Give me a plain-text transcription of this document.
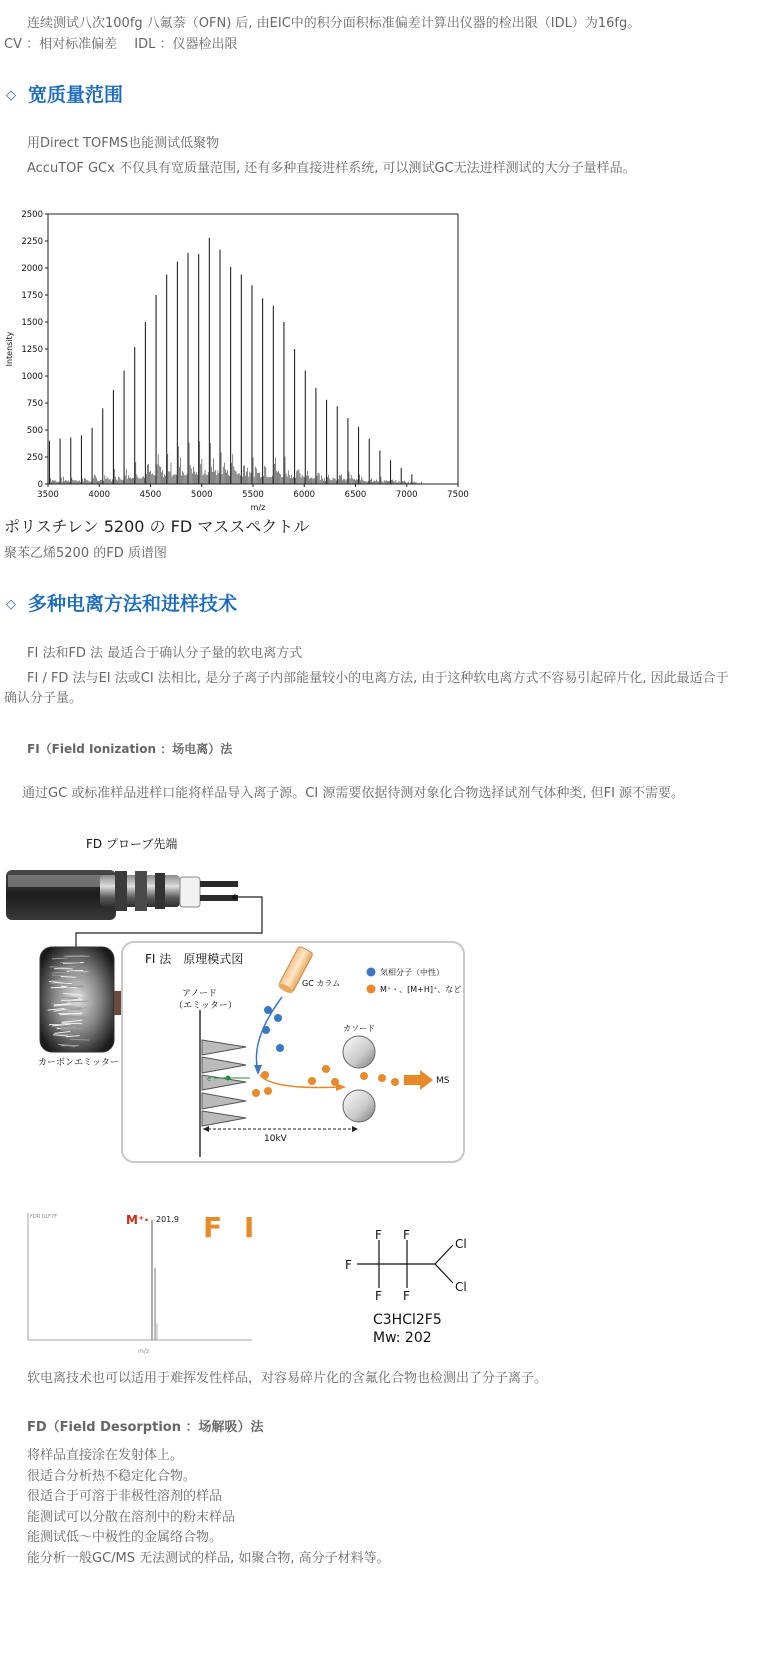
连续测试八次100fg 八氟萘（OFN) 后, 由EIC中的积分面积标准偏差计算出仪器的检出限（IDL）为16fg。
CV ：相对标准偏差　 IDL ：仪器检出限
◇ 宽质量范围
用Direct TOFMS也能测试低聚物
AccuTOF GCx 不仅具有宽质量范围, 还有多种直接进样系统, 可以测试GC无法进样测试的大分子量样品。
0
250
500
750
1000
1250
1500
1750
2000
2250
2500
3500	4000	4500	5000	5500	6000	6500	7000	7500
m/z
Intensity
ポリスチレン 5200 の FD マススペクトル
聚苯乙烯5200 的FD 质谱图
◇ 多种电离方法和进样技术
FI 法和FD 法 最适合于确认分子量的软电离方式
FI / FD 法与EI 法或CI 法相比, 是分子离子内部能量较小的电离方法, 由于这种软电离方式不容易引起碎片化, 因此最适合于
确认分子量。
FI（Field Ionization ：场电离）法
通过GC 或标准样品进样口能将样品导入离子源。CI 源需要依据待测对象化合物选择试剂气体种类, 但FI 源不需要。
FD プローブ先端
カーボンエミッター
FI 法　原理模式図
アノード
（エミッター）
e⁻
GC カラム
気相分子（中性）
M⁺・、[M+H]⁺、など
カソード
MS
10kV
FDR 01F7F	M⁺· 201.9
m/z
F I	F F
F
F F
Cl
Cl
C3HCl2F5
Mw: 202
软电离技术也可以适用于难挥发性样品，对容易碎片化的含氟化合物也检测出了分子离子。
FD（Field Desorption ：场解吸）法
将样品直接涂在发射体上。
很适合分析热不稳定化合物。
很适合于可溶于非极性溶剂的样品
能测试可以分散在溶剂中的粉末样品
能测试低～中极性的金属络合物。
能分析一般GC/MS 无法测试的样品, 如聚合物, 高分子材料等。
